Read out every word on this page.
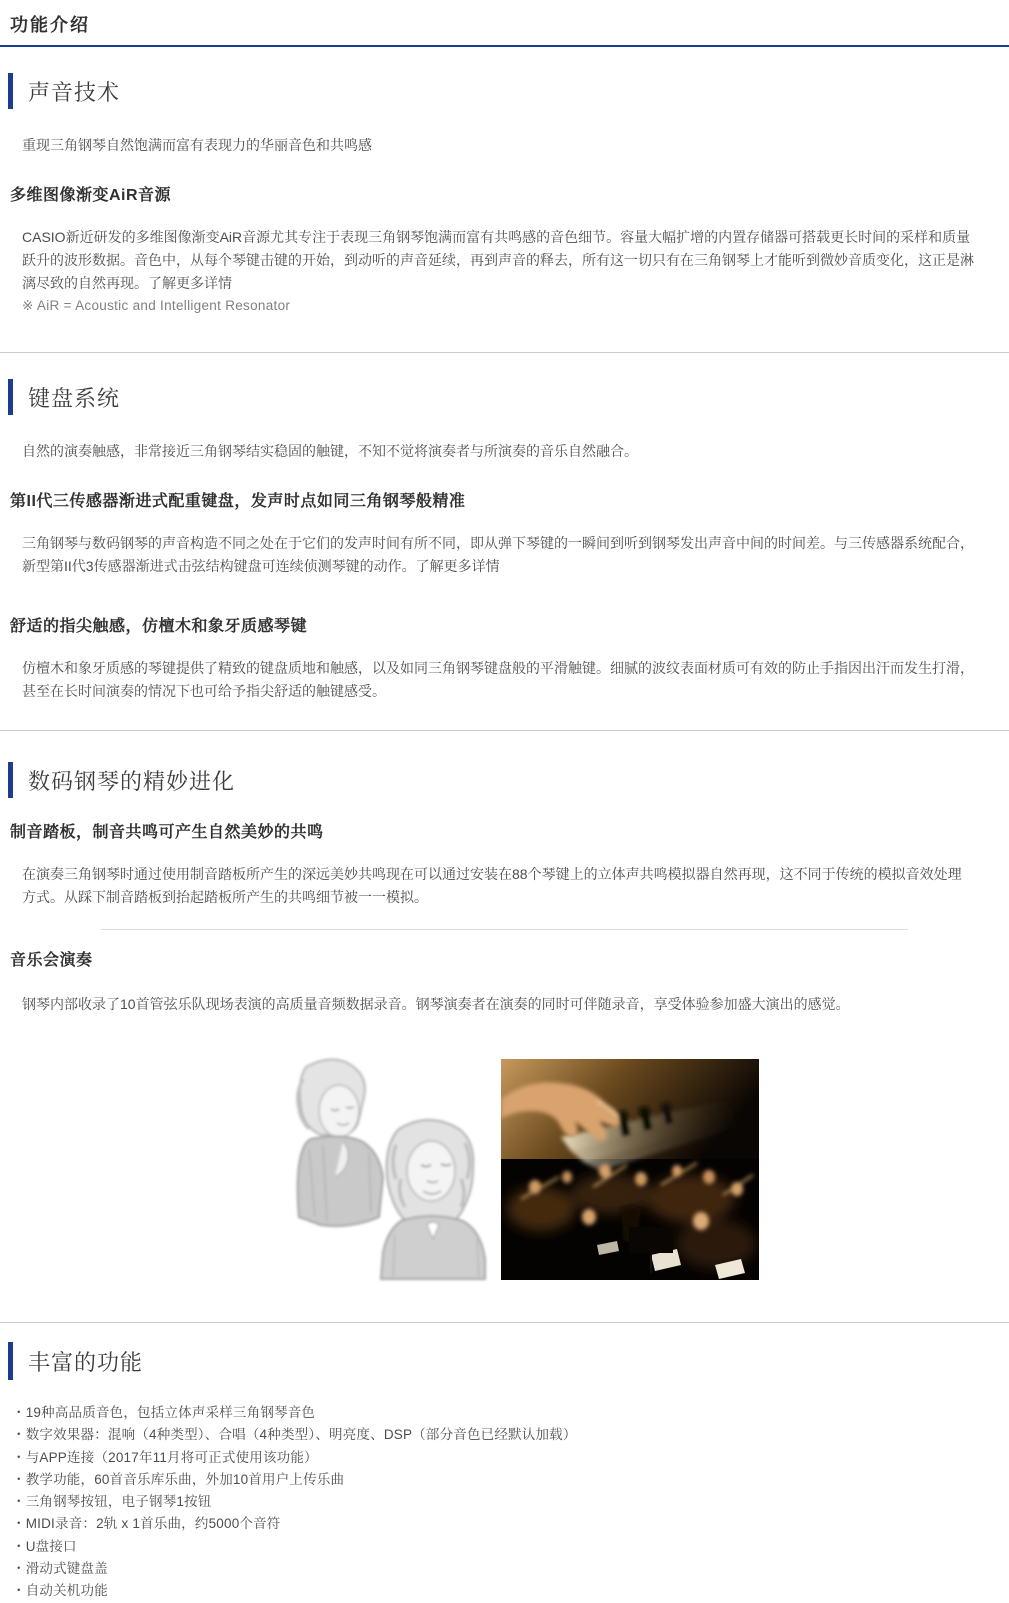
功能介绍
声音技术

重现三角钢琴自然饱满而富有表现力的华丽音色和共鸣感

多维图像渐变AiR音源

CASIO新近研发的多维图像渐变AiR音源尤其专注于表现三角钢琴饱满而富有共鸣感的音色细节。容量大幅扩增的内置存储器可搭载更长时间的采样和质量跃升的波形数据。音色中，从每个琴键击键的开始，到动听的声音延续，再到声音的释去，所有这一切只有在三角钢琴上才能听到微妙音质变化，这正是淋漓尽致的自然再现。了解更多详情

※ AiR = Acoustic and Intelligent Resonator

键盘系统

自然的演奏触感，非常接近三角钢琴结实稳固的触键，不知不觉将演奏者与所演奏的音乐自然融合。

第II代三传感器渐进式配重键盘，发声时点如同三角钢琴般精准

三角钢琴与数码钢琴的声音构造不同之处在于它们的发声时间有所不同，即从弹下琴键的一瞬间到听到钢琴发出声音中间的时间差。与三传感器系统配合，新型第II代3传感器渐进式击弦结构键盘可连续侦测琴键的动作。了解更多详情

舒适的指尖触感，仿檀木和象牙质感琴键

仿檀木和象牙质感的琴键提供了精致的键盘质地和触感，以及如同三角钢琴键盘般的平滑触键。细腻的波纹表面材质可有效的防止手指因出汗而发生打滑，甚至在长时间演奏的情况下也可给予指尖舒适的触键感受。

数码钢琴的精妙进化
制音踏板，制音共鸣可产生自然美妙的共鸣

在演奏三角钢琴时通过使用制音踏板所产生的深远美妙共鸣现在可以通过安装在88个琴键上的立体声共鸣模拟器自然再现，这不同于传统的模拟音效处理方式。从踩下制音踏板到抬起踏板所产生的共鸣细节被一一模拟。

音乐会演奏

钢琴内部收录了10首管弦乐队现场表演的高质量音频数据录音。钢琴演奏者在演奏的同时可伴随录音，享受体验参加盛大演出的感觉。

丰富的功能
・19种高品质音色，包括立体声采样三角钢琴音色
・数字效果器：混响（4种类型）、合唱（4种类型）、明亮度、DSP（部分音色已经默认加载）
・与APP连接（2017年11月将可正式使用该功能）
・教学功能，60首音乐库乐曲，外加10首用户上传乐曲
・三角钢琴按钮，电子钢琴1按钮
・MIDI录音：2轨 x 1首乐曲，约5000个音符
・U盘接口
・滑动式键盘盖
・自动关机功能
